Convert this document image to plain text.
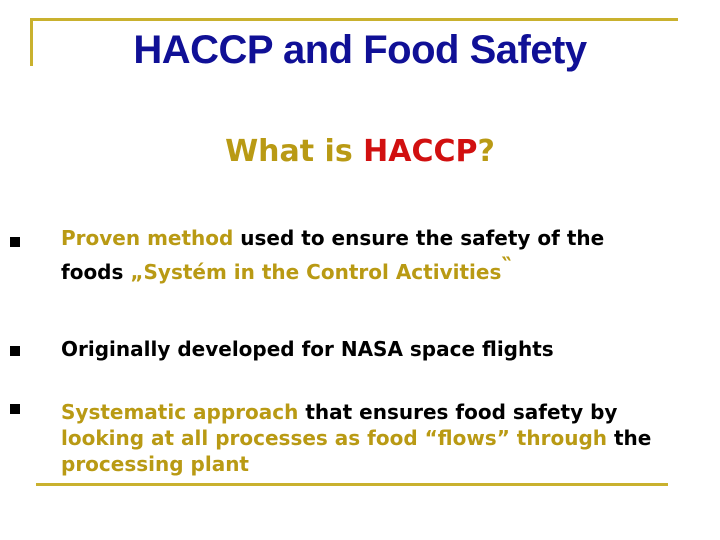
HACCP and Food Safety
What is HACCP?
Proven method used to ensure the safety of the
foods „Systém in the Control Activities‶
Originally developed for NASA space flights
Systematic approach that ensures food safety by
looking at all processes as food “flows” through the
processing plant
